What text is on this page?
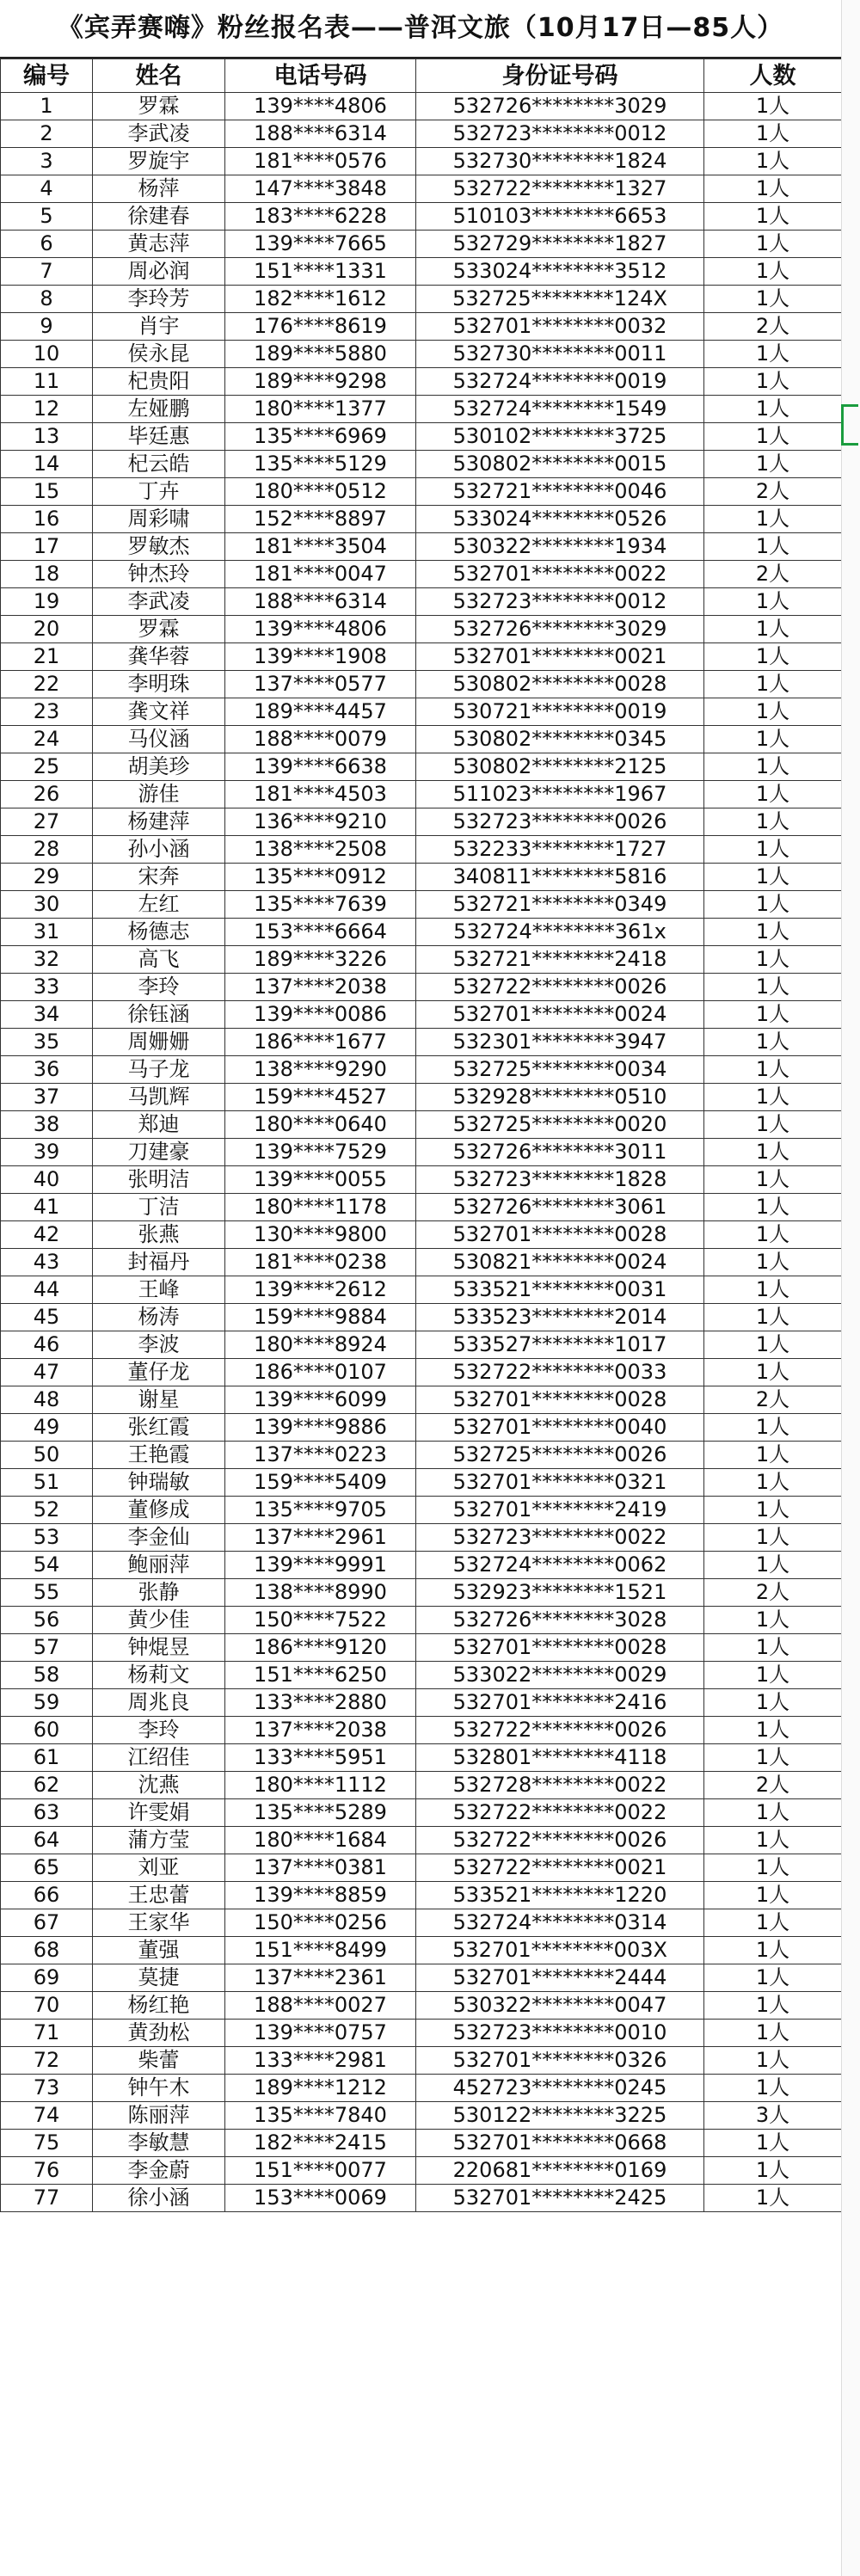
《宾弄赛嗨》粉丝报名表——普洱文旅（10月17日—85人）
编号	姓名	电话号码	身份证号码	人数
1	罗霖	139****4806	532726********3029	1人
2	李武凌	188****6314	532723********0012	1人
3	罗旋宇	181****0576	532730********1824	1人
4	杨萍	147****3848	532722********1327	1人
5	徐建春	183****6228	510103********6653	1人
6	黄志萍	139****7665	532729********1827	1人
7	周必润	151****1331	533024********3512	1人
8	李玲芳	182****1612	532725********124X	1人
9	肖宇	176****8619	532701********0032	2人
10	侯永昆	189****5880	532730********0011	1人
11	杞贵阳	189****9298	532724********0019	1人
12	左娅鹏	180****1377	532724********1549	1人
13	毕廷惠	135****6969	530102********3725	1人
14	杞云皓	135****5129	530802********0015	1人
15	丁卉	180****0512	532721********0046	2人
16	周彩啸	152****8897	533024********0526	1人
17	罗敏杰	181****3504	530322********1934	1人
18	钟杰玲	181****0047	532701********0022	2人
19	李武凌	188****6314	532723********0012	1人
20	罗霖	139****4806	532726********3029	1人
21	龚华蓉	139****1908	532701********0021	1人
22	李明珠	137****0577	530802********0028	1人
23	龚文祥	189****4457	530721********0019	1人
24	马仪涵	188****0079	530802********0345	1人
25	胡美珍	139****6638	530802********2125	1人
26	游佳	181****4503	511023********1967	1人
27	杨建萍	136****9210	532723********0026	1人
28	孙小涵	138****2508	532233********1727	1人
29	宋奔	135****0912	340811********5816	1人
30	左红	135****7639	532721********0349	1人
31	杨德志	153****6664	532724********361x	1人
32	高飞	189****3226	532721********2418	1人
33	李玲	137****2038	532722********0026	1人
34	徐钰涵	139****0086	532701********0024	1人
35	周姗姗	186****1677	532301********3947	1人
36	马子龙	138****9290	532725********0034	1人
37	马凯辉	159****4527	532928********0510	1人
38	郑迪	180****0640	532725********0020	1人
39	刀建豪	139****7529	532726********3011	1人
40	张明洁	139****0055	532723********1828	1人
41	丁洁	180****1178	532726********3061	1人
42	张燕	130****9800	532701********0028	1人
43	封福丹	181****0238	530821********0024	1人
44	王峰	139****2612	533521********0031	1人
45	杨涛	159****9884	533523********2014	1人
46	李波	180****8924	533527********1017	1人
47	董仔龙	186****0107	532722********0033	1人
48	谢星	139****6099	532701********0028	2人
49	张红霞	139****9886	532701********0040	1人
50	王艳霞	137****0223	532725********0026	1人
51	钟瑞敏	159****5409	532701********0321	1人
52	董修成	135****9705	532701********2419	1人
53	李金仙	137****2961	532723********0022	1人
54	鲍丽萍	139****9991	532724********0062	1人
55	张静	138****8990	532923********1521	2人
56	黄少佳	150****7522	532726********3028	1人
57	钟焜昱	186****9120	532701********0028	1人
58	杨莉文	151****6250	533022********0029	1人
59	周兆良	133****2880	532701********2416	1人
60	李玲	137****2038	532722********0026	1人
61	江绍佳	133****5951	532801********4118	1人
62	沈燕	180****1112	532728********0022	2人
63	许雯娟	135****5289	532722********0022	1人
64	蒲方莹	180****1684	532722********0026	1人
65	刘亚	137****0381	532722********0021	1人
66	王忠蕾	139****8859	533521********1220	1人
67	王家华	150****0256	532724********0314	1人
68	董强	151****8499	532701********003X	1人
69	莫捷	137****2361	532701********2444	1人
70	杨红艳	188****0027	530322********0047	1人
71	黄劲松	139****0757	532723********0010	1人
72	柴蕾	133****2981	532701********0326	1人
73	钟午木	189****1212	452723********0245	1人
74	陈丽萍	135****7840	530122********3225	3人
75	李敏慧	182****2415	532701********0668	1人
76	李金蔚	151****0077	220681********0169	1人
77	徐小涵	153****0069	532701********2425	1人
